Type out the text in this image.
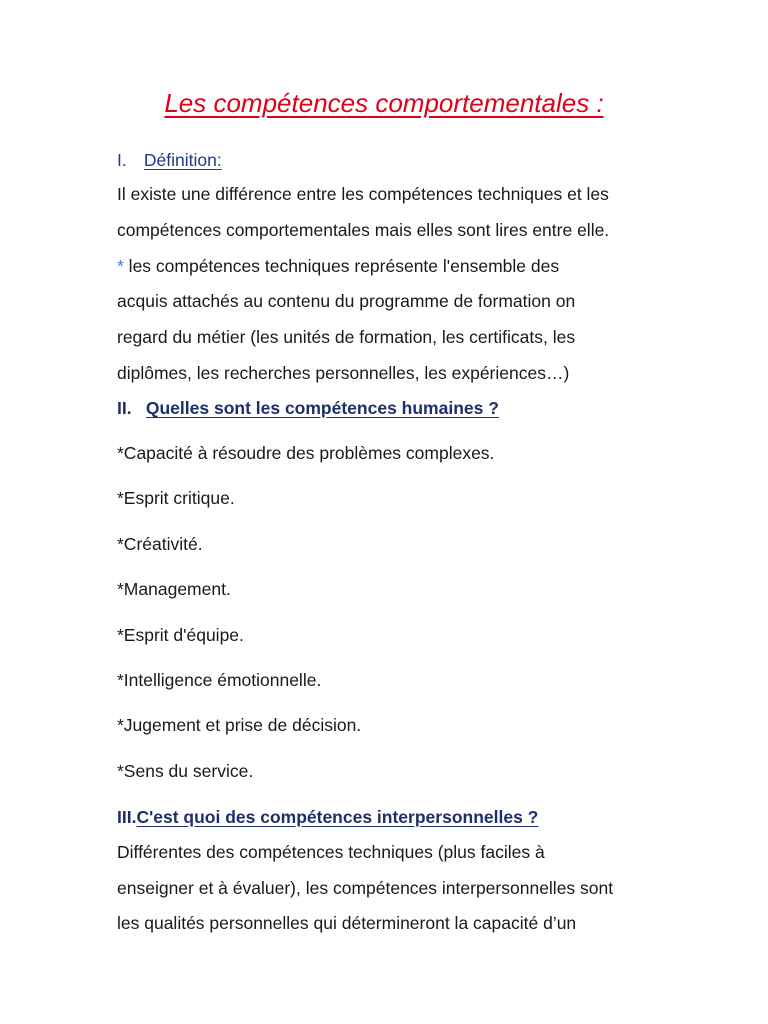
Les compétences comportementales :
I. Définition:
Il existe une différence entre les compétences techniques et les
compétences comportementales mais elles sont lires entre elle.
* les compétences techniques représente l'ensemble des
acquis attachés au contenu du programme de formation on
regard du métier (les unités de formation, les certificats, les
diplômes, les recherches personnelles, les expériences…)
II. Quelles sont les compétences humaines ?
*Capacité à résoudre des problèmes complexes.
*Esprit critique.
*Créativité.
*Management.
*Esprit d'équipe.
*Intelligence émotionnelle.
*Jugement et prise de décision.
*Sens du service.
III.C'est quoi des compétences interpersonnelles ?
Différentes des compétences techniques (plus faciles à
enseigner et à évaluer), les compétences interpersonnelles sont
les qualités personnelles qui détermineront la capacité d’un
